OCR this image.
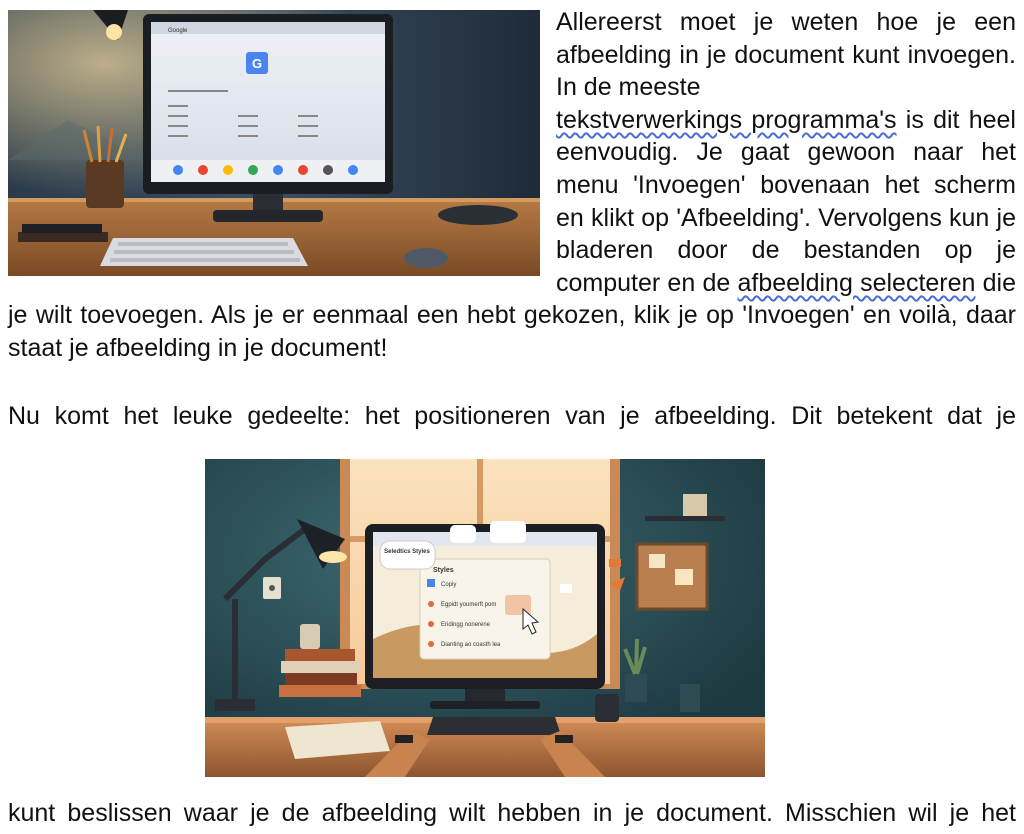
Google
G
Allereerst moet je weten hoe je een afbeelding in je document kunt invoegen. In de meeste
tekstverwerkings programma's is dit heel eenvoudig. Je gaat gewoon naar het menu 'Invoegen' bovenaan het scherm en klikt op 'Afbeelding'. Vervolgens kun je bladeren door de bestanden op je computer en de afbeelding selecteren die je wilt toevoegen. Als je er eenmaal een hebt gekozen, klik je op 'Invoegen' en voilà, daar staat je afbeelding in je document!
Nu komt het leuke gedeelte: het positioneren van je afbeelding. Dit betekent dat je
Styles
Copiy
Egpidt youmerft pom
Eridingg nonerene
Dianting ao coasth lea
Seledtics Styles
kunt beslissen waar je de afbeelding wilt hebben in je document. Misschien wil je het
